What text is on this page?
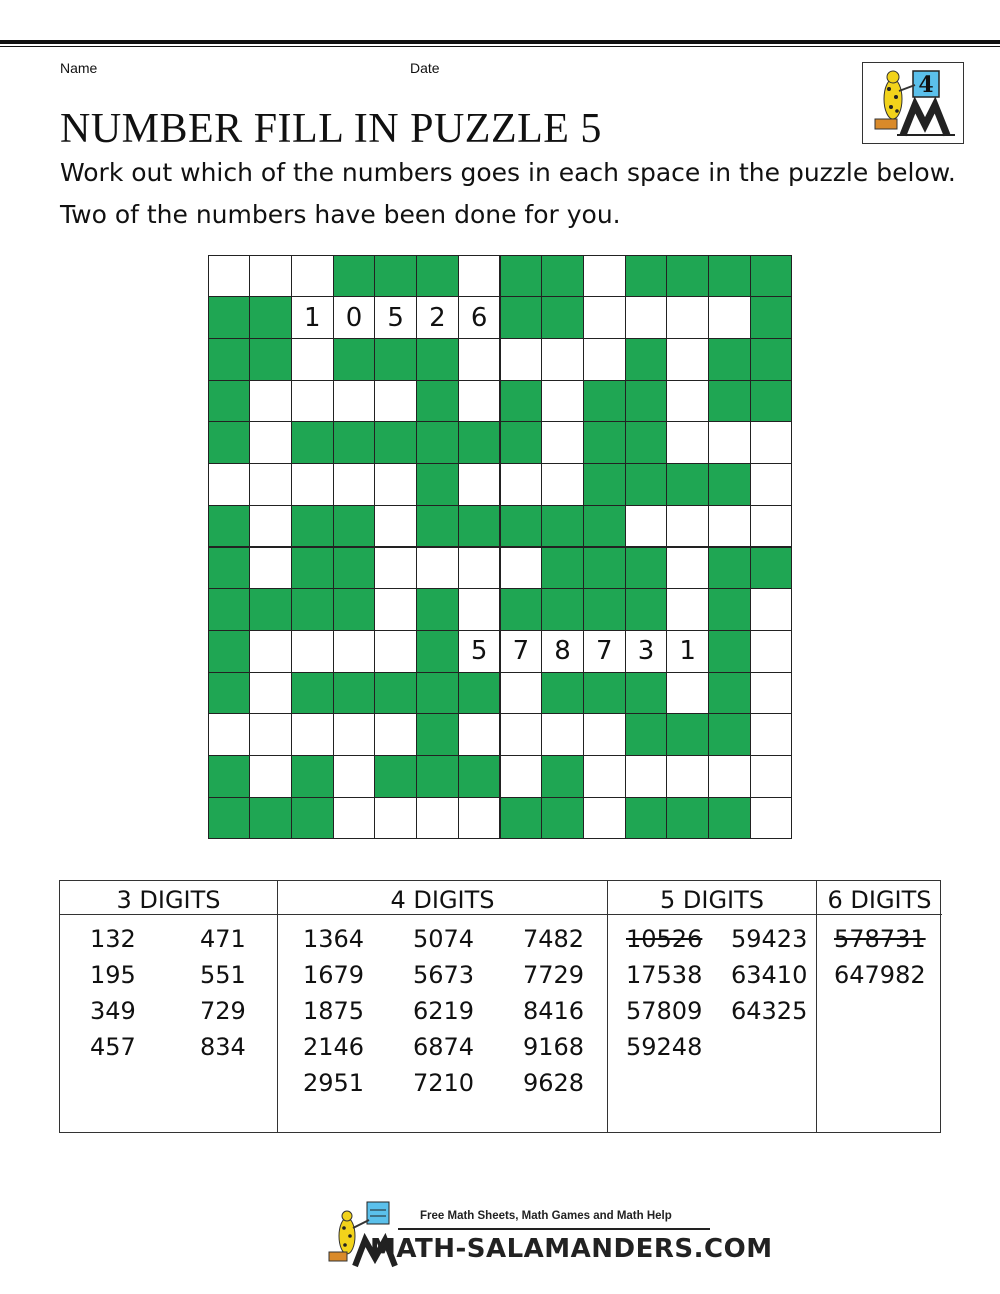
Name	Date
4
NUMBER FILL IN PUZZLE 5
Work out which of the numbers goes in each space in the puzzle below.
Two of the numbers have been done for you.
1 0 5 2 6
5 7 8 7 3 1
3 DIGITS
132
195
349
457
471
551
729
834
4 DIGITS
1364
1679
1875
2146
2951
5074
5673
6219
6874
7210
7482
7729
8416
9168
9628
5 DIGITS
10526
17538
57809
59248
59423
63410
64325
6 DIGITS
578731
647982
Free Math Sheets, Math Games and Math Help
MATH-SALAMANDERS.COM
